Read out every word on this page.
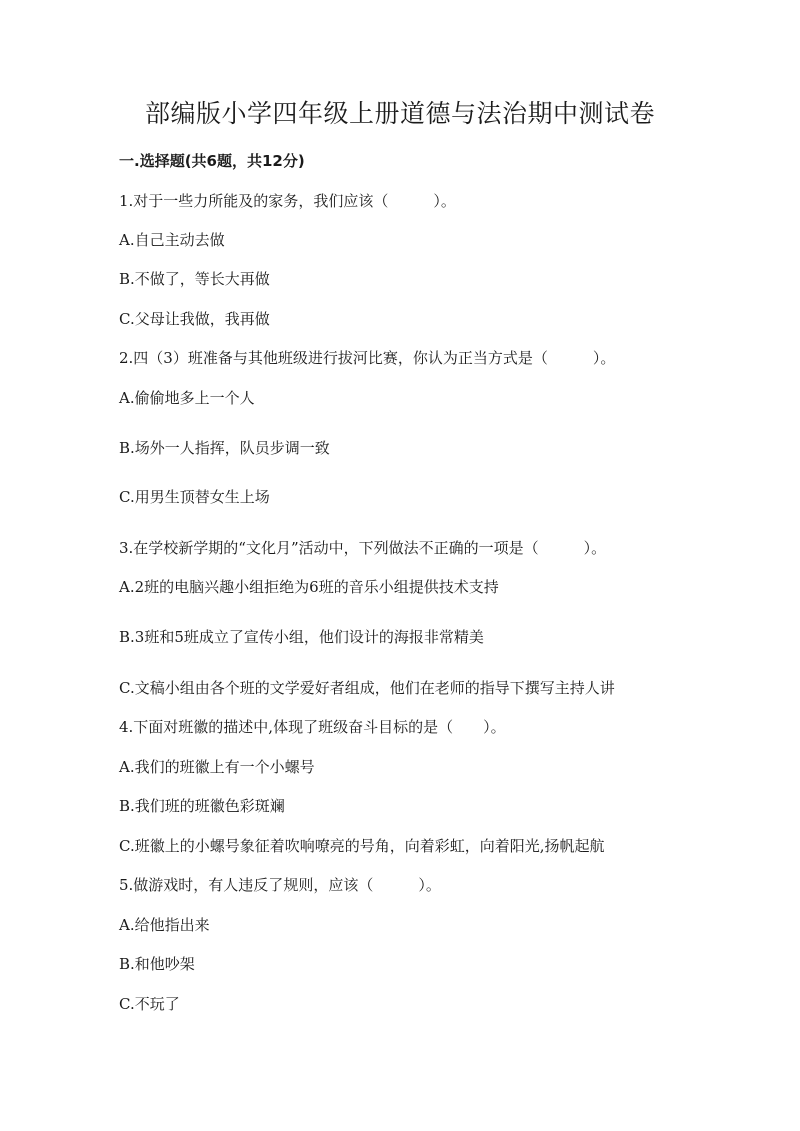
部编版小学四年级上册道德与法治期中测试卷

一.选择题(共6题，共12分)

1.对于一些力所能及的家务，我们应该（　　　）。

A.自己主动去做

B.不做了，等长大再做

C.父母让我做，我再做

2.四（3）班准备与其他班级进行拔河比赛，你认为正当方式是（　　　）。

A.偷偷地多上一个人

B.场外一人指挥，队员步调一致

C.用男生顶替女生上场

3.在学校新学期的“文化月”活动中，下列做法不正确的一项是（　　　）。

A.2班的电脑兴趣小组拒绝为6班的音乐小组提供技术支持

B.3班和5班成立了宣传小组，他们设计的海报非常精美

C.文稿小组由各个班的文学爱好者组成，他们在老师的指导下撰写主持人讲

4.下面对班徽的描述中,体现了班级奋斗目标的是（　　）。

A.我们的班徽上有一个小螺号

B.我们班的班徽色彩斑斓

C.班徽上的小螺号象征着吹响嘹亮的号角，向着彩虹，向着阳光,扬帆起航

5.做游戏时，有人违反了规则，应该（　　　）。

A.给他指出来

B.和他吵架

C.不玩了
